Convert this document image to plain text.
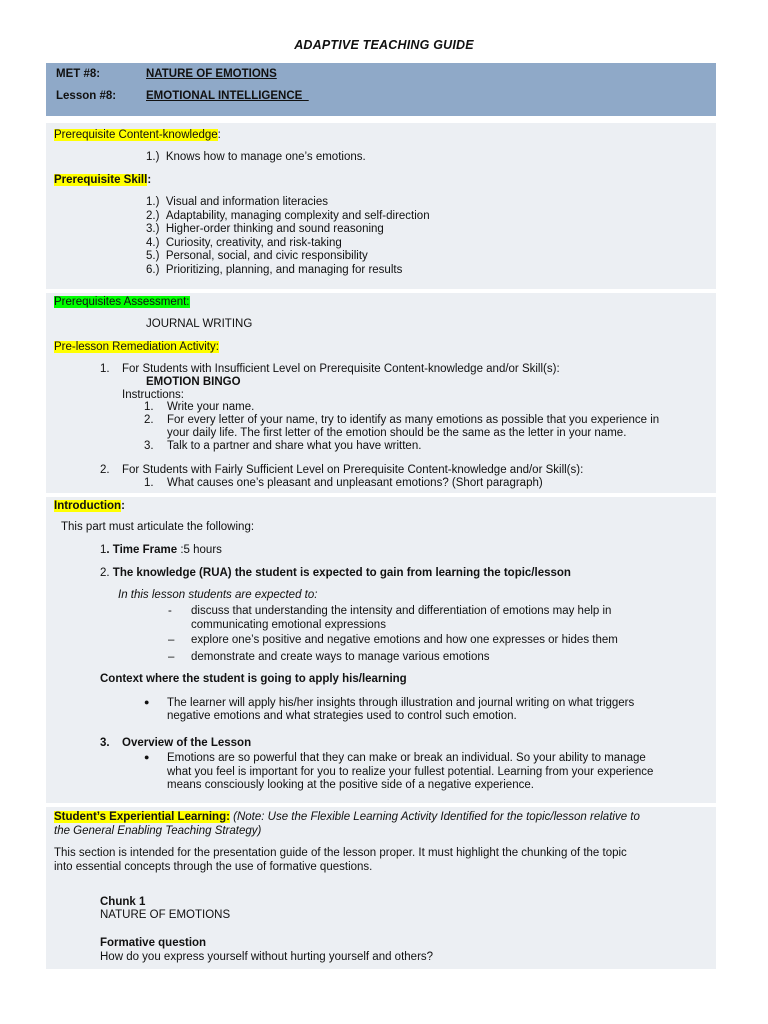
ADAPTIVE TEACHING GUIDE
MET #8:	NATURE OF EMOTIONS
Lesson #8:	EMOTIONAL INTELLIGENCE
Prerequisite Content-knowledge:
1.) Knows how to manage one’s emotions.
Prerequisite Skill:
1.) Visual and information literacies
2.) Adaptability, managing complexity and self-direction
3.) Higher-order thinking and sound reasoning
4.) Curiosity, creativity, and risk-taking
5.) Personal, social, and civic responsibility
6.) Prioritizing, planning, and managing for results
Prerequisites Assessment:
JOURNAL WRITING
Pre-lesson Remediation Activity:
1. For Students with Insufficient Level on Prerequisite Content-knowledge and/or Skill(s):
EMOTION BINGO
Instructions:
1. Write your name.
2. For every letter of your name, try to identify as many emotions as possible that you experience in
your daily life. The first letter of the emotion should be the same as the letter in your name.
3. Talk to a partner and share what you have written.
2. For Students with Fairly Sufficient Level on Prerequisite Content-knowledge and/or Skill(s):
1. What causes one’s pleasant and unpleasant emotions? (Short paragraph)
Introduction:
This part must articulate the following:
1. Time Frame :5 hours
2. The knowledge (RUA) the student is expected to gain from learning the topic/lesson
In this lesson students are expected to:
- discuss that understanding the intensity and differentiation of emotions may help in
communicating emotional expressions
– explore one’s positive and negative emotions and how one expresses or hides them
– demonstrate and create ways to manage various emotions
Context where the student is going to apply his/learning
● The learner will apply his/her insights through illustration and journal writing on what triggers
negative emotions and what strategies used to control such emotion.
3. Overview of the Lesson
● Emotions are so powerful that they can make or break an individual. So your ability to manage
what you feel is important for you to realize your fullest potential. Learning from your experience
means consciously looking at the positive side of a negative experience.
Student’s Experiential Learning: (Note: Use the Flexible Learning Activity Identified for the topic/lesson relative to
the General Enabling Teaching Strategy)
This section is intended for the presentation guide of the lesson proper. It must highlight the chunking of the topic
into essential concepts through the use of formative questions.
Chunk 1
NATURE OF EMOTIONS
Formative question
How do you express yourself without hurting yourself and others?
